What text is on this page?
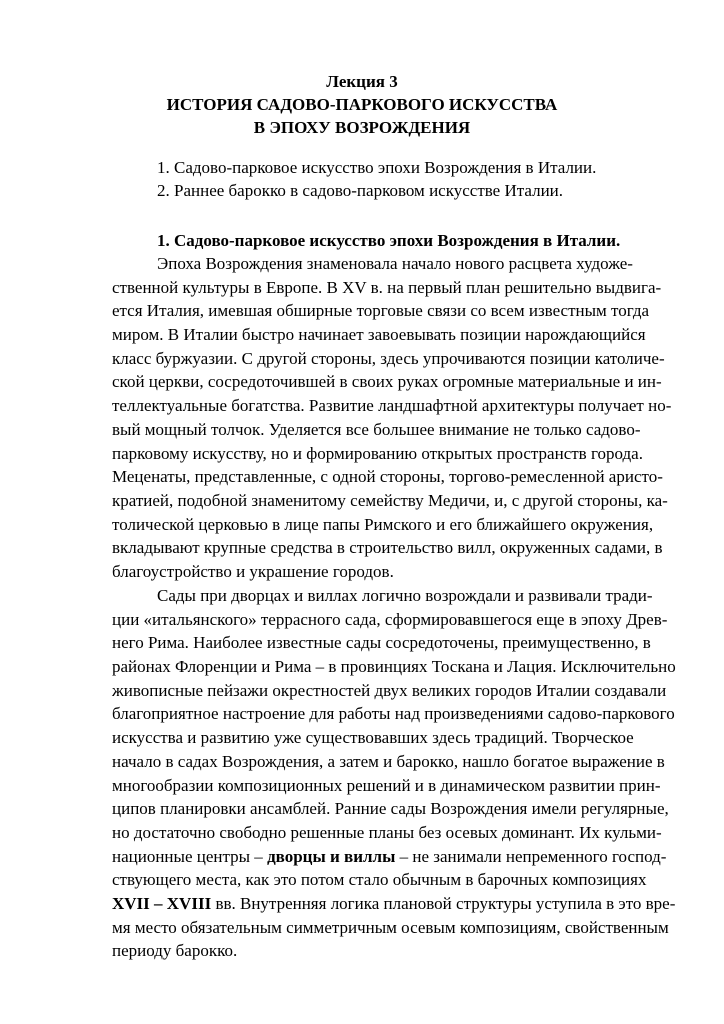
Лекция 3
ИСТОРИЯ САДОВО-ПАРКОВОГО ИСКУССТВА
В ЭПОХУ ВОЗРОЖДЕНИЯ
1. Садово-парковое искусство эпохи Возрождения в Италии.
2. Раннее барокко в садово-парковом искусстве Италии.
1. Садово-парковое искусство эпохи Возрождения в Италии.
Эпоха Возрождения знаменовала начало нового расцвета художе-
ственной культуры в Европе. В XV в. на первый план решительно выдвига-
ется Италия, имевшая обширные торговые связи со всем известным тогда
миром. В Италии быстро начинает завоевывать позиции нарождающийся
класс буржуазии. С другой стороны, здесь упрочиваются позиции католиче-
ской церкви, сосредоточившей в своих руках огромные материальные и ин-
теллектуальные богатства. Развитие ландшафтной архитектуры получает но-
вый мощный толчок. Уделяется все большее внимание не только садово-
парковому искусству, но и формированию открытых пространств города.
Меценаты, представленные, с одной стороны, торгово-ремесленной аристо-
кратией, подобной знаменитому семейству Медичи, и, с другой стороны, ка-
толической церковью в лице папы Римского и его ближайшего окружения,
вкладывают крупные средства в строительство вилл, окруженных садами, в
благоустройство и украшение городов.
Сады при дворцах и виллах логично возрождали и развивали тради-
ции «итальянского» террасного сада, сформировавшегося еще в эпоху Древ-
него Рима. Наиболее известные сады сосредоточены, преимущественно, в
районах Флоренции и Рима – в провинциях Тоскана и Лация. Исключительно
живописные пейзажи окрестностей двух великих городов Италии создавали
благоприятное настроение для работы над произведениями садово-паркового
искусства и развитию уже существовавших здесь традиций. Творческое
начало в садах Возрождения, а затем и барокко, нашло богатое выражение в
многообразии композиционных решений и в динамическом развитии прин-
ципов планировки ансамблей. Ранние сады Возрождения имели регулярные,
но достаточно свободно решенные планы без осевых доминант. Их кульми-
национные центры – дворцы и виллы – не занимали непременного господ-
ствующего места, как это потом стало обычным в барочных композициях
XVII – XVIII вв. Внутренняя логика плановой структуры уступила в это вре-
мя место обязательным симметричным осевым композициям, свойственным
периоду барокко.
